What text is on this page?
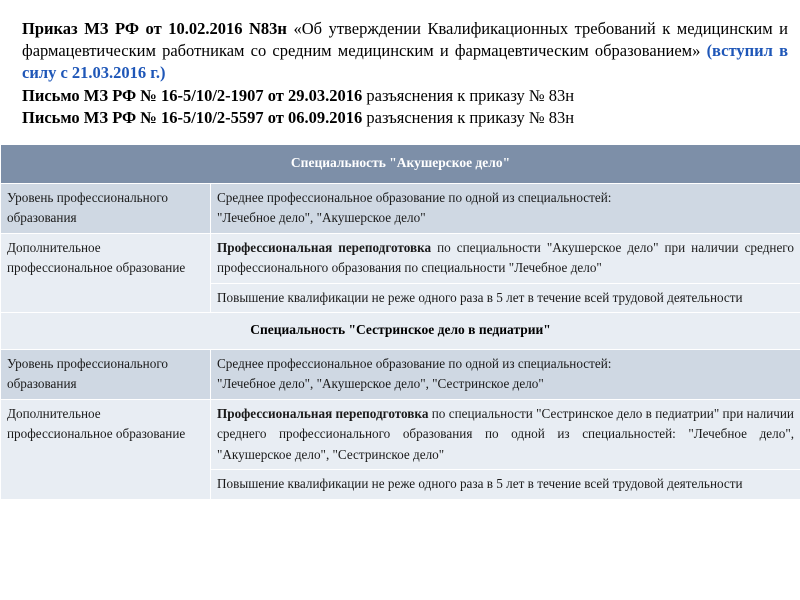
Приказ МЗ РФ от 10.02.2016 N83н «Об утверждении Квалификационных требований к медицинским и фармацевтическим работникам со средним медицинским и фармацевтическим образованием» (вступил в силу с 21.03.2016 г.)

Письмо МЗ РФ № 16-5/10/2-1907 от 29.03.2016 разъяснения к приказу № 83н

Письмо МЗ РФ № 16-5/10/2-5597 от 06.09.2016 разъяснения к приказу № 83н

Специальность "Акушерское дело"	
Уровень профессионального образования	Среднее профессиональное образование по одной из специальностей:
"Лечебное дело", "Акушерское дело"

Дополнительное профессиональное образование	Профессиональная переподготовка по специальности "Акушерское дело" при наличии среднего профессионального образования по специальности "Лечебное дело"
	Повышение квалификации не реже одного раза в 5 лет в течение всей трудовой деятельности
Специальность "Сестринское дело в педиатрии"	
Уровень профессионального образования	Среднее профессиональное образование по одной из специальностей:
"Лечебное дело", "Акушерское дело", "Сестринское дело"

Дополнительное профессиональное образование	Профессиональная переподготовка по специальности "Сестринское дело в педиатрии" при наличии среднего профессионального образования по одной из специальностей: "Лечебное дело", "Акушерское дело", "Сестринское дело"
	Повышение квалификации не реже одного раза в 5 лет в течение всей трудовой деятельности
